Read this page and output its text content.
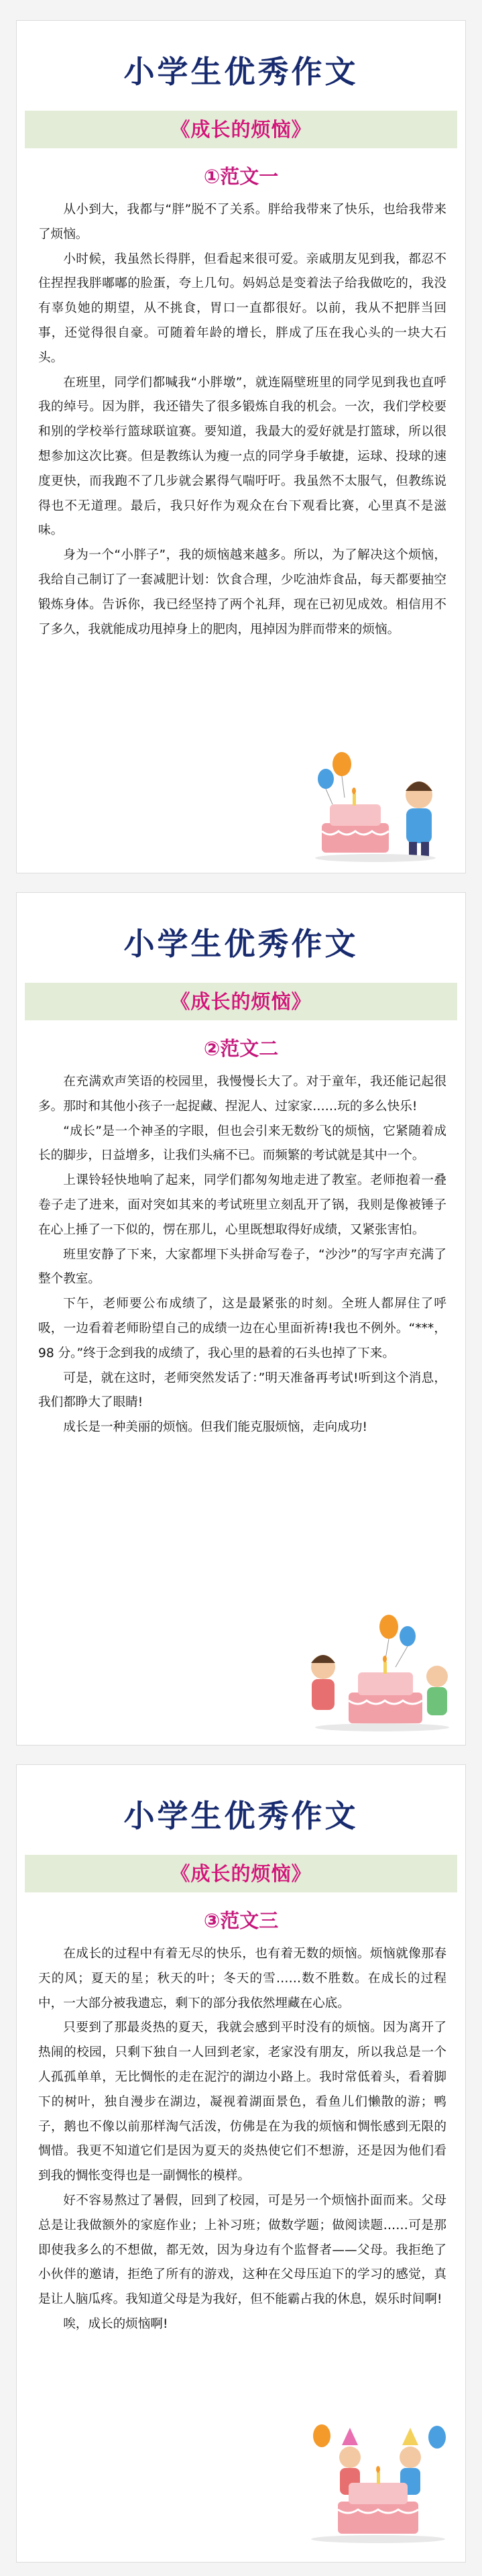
小学生优秀作文
《成长的烦恼》
①范文一

从小到大，我都与“胖”脱不了关系。胖给我带来了快乐，也给我带来了烦恼。

小时候，我虽然长得胖，但看起来很可爱。亲戚朋友见到我，都忍不住捏捏我胖嘟嘟的脸蛋，夸上几句。妈妈总是变着法子给我做吃的，我没有辜负她的期望，从不挑食，胃口一直都很好。以前，我从不把胖当回事，还觉得很自豪。可随着年龄的增长，胖成了压在我心头的一块大石头。

在班里，同学们都喊我“小胖墩”，就连隔壁班里的同学见到我也直呼我的绰号。因为胖，我还错失了很多锻炼自我的机会。一次，我们学校要和别的学校举行篮球联谊赛。要知道，我最大的爱好就是打篮球，所以很想参加这次比赛。但是教练认为瘦一点的同学身手敏捷，运球、投球的速度更快，而我跑不了几步就会累得气喘吁吁。我虽然不太服气，但教练说得也不无道理。最后，我只好作为观众在台下观看比赛，心里真不是滋味。

身为一个“小胖子”，我的烦恼越来越多。所以，为了解决这个烦恼，我给自己制订了一套减肥计划：饮食合理，少吃油炸食品，每天都要抽空锻炼身体。告诉你，我已经坚持了两个礼拜，现在已初见成效。相信用不了多久，我就能成功甩掉身上的肥肉，甩掉因为胖而带来的烦恼。

小学生优秀作文
《成长的烦恼》
②范文二

在充满欢声笑语的校园里，我慢慢长大了。对于童年，我还能记起很多。那时和其他小孩子一起捉藏、捏泥人、过家家……玩的多么快乐!

“成长”是一个神圣的字眼，但也会引来无数纷飞的烦恼，它紧随着成长的脚步，日益增多，让我们头痛不已。而频繁的考试就是其中一个。

上课铃轻快地响了起来，同学们都匆匆地走进了教室。老师抱着一叠卷子走了进来，面对突如其来的考试班里立刻乱开了锅，我则是像被锤子在心上捶了一下似的，愣在那儿，心里既想取得好成绩，又紧张害怕。

班里安静了下来，大家都埋下头拼命写卷子，“沙沙”的写字声充满了整个教室。

下午，老师要公布成绩了，这是最紧张的时刻。全班人都屏住了呼吸，一边看着老师盼望自己的成绩一边在心里面祈祷!我也不例外。“***，98 分。”终于念到我的成绩了，我心里的悬着的石头也掉了下来。

可是，就在这时，老师突然发话了：”明天准备再考试!听到这个消息，我们都睁大了眼睛!

成长是一种美丽的烦恼。但我们能克服烦恼，走向成功!

小学生优秀作文
《成长的烦恼》
③范文三

在成长的过程中有着无尽的快乐，也有着无数的烦恼。烦恼就像那春天的风；夏天的星；秋天的叶；冬天的雪……数不胜数。在成长的过程中，一大部分被我遗忘，剩下的部分我依然埋藏在心底。

只要到了那最炎热的夏天，我就会感到平时没有的烦恼。因为离开了热闹的校园，只剩下独自一人回到老家，老家没有朋友，所以我总是一个人孤孤单单，无比惆怅的走在泥泞的湖边小路上。我时常低着头，看着脚下的树叶，独自漫步在湖边，凝视着湖面景色，看鱼儿们懒散的游；鸭子，鹅也不像以前那样淘气活泼，仿佛是在为我的烦恼和惆怅感到无限的惆惜。我更不知道它们是因为夏天的炎热使它们不想游，还是因为他们看到我的惆怅变得也是一副惆怅的模样。

好不容易熬过了暑假，回到了校园，可是另一个烦恼扑面而来。父母总是让我做额外的家庭作业；上补习班；做数学题；做阅读题……可是那即使我多么的不想做，都无效，因为身边有个监督者——父母。我拒绝了小伙伴的邀请，拒绝了所有的游戏，这种在父母压迫下的学习的感觉，真是让人脑瓜疼。我知道父母是为我好，但不能霸占我的休息，娱乐时间啊!

唉，成长的烦恼啊!
